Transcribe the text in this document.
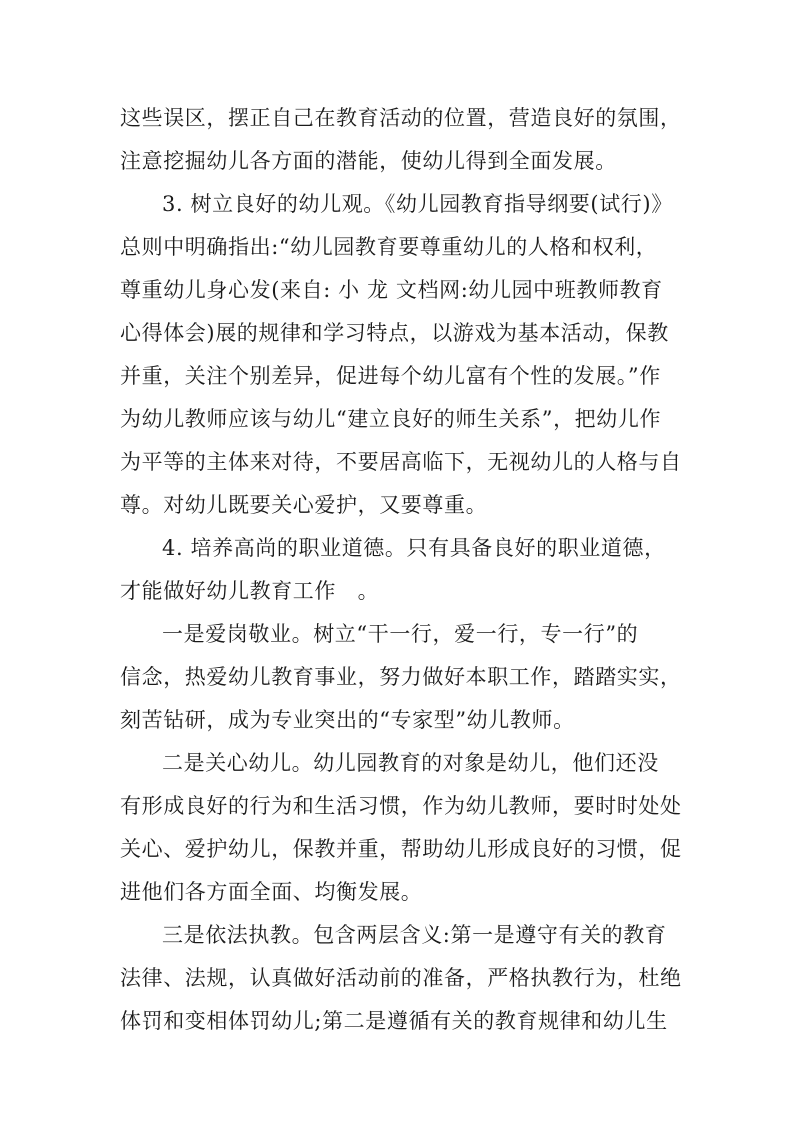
这些误区，摆正自己在教育活动的位置，营造良好的氛围，
注意挖掘幼儿各方面的潜能，使幼儿得到全面发展。
3. 树立良好的幼儿观。《幼儿园教育指导纲要(试行)》
总则中明确指出:“幼儿园教育要尊重幼儿的人格和权利，
尊重幼儿身心发(来自: 小 龙 文档网:幼儿园中班教师教育
心得体会)展的规律和学习特点，以游戏为基本活动，保教
并重，关注个别差异，促进每个幼儿富有个性的发展。”作
为幼儿教师应该与幼儿“建立良好的师生关系”，把幼儿作
为平等的主体来对待，不要居高临下，无视幼儿的人格与自
尊。对幼儿既要关心爱护，又要尊重。
4. 培养高尚的职业道德。只有具备良好的职业道德，
才能做好幼儿教育工作　。
一是爱岗敬业。树立“干一行，爱一行，专一行”的
信念，热爱幼儿教育事业，努力做好本职工作，踏踏实实，
刻苦钻研，成为专业突出的“专家型”幼儿教师。
二是关心幼儿。幼儿园教育的对象是幼儿，他们还没
有形成良好的行为和生活习惯，作为幼儿教师，要时时处处
关心、爱护幼儿，保教并重，帮助幼儿形成良好的习惯，促
进他们各方面全面、均衡发展。
三是依法执教。包含两层含义:第一是遵守有关的教育
法律、法规，认真做好活动前的准备，严格执教行为，杜绝
体罚和变相体罚幼儿;第二是遵循有关的教育规律和幼儿生
